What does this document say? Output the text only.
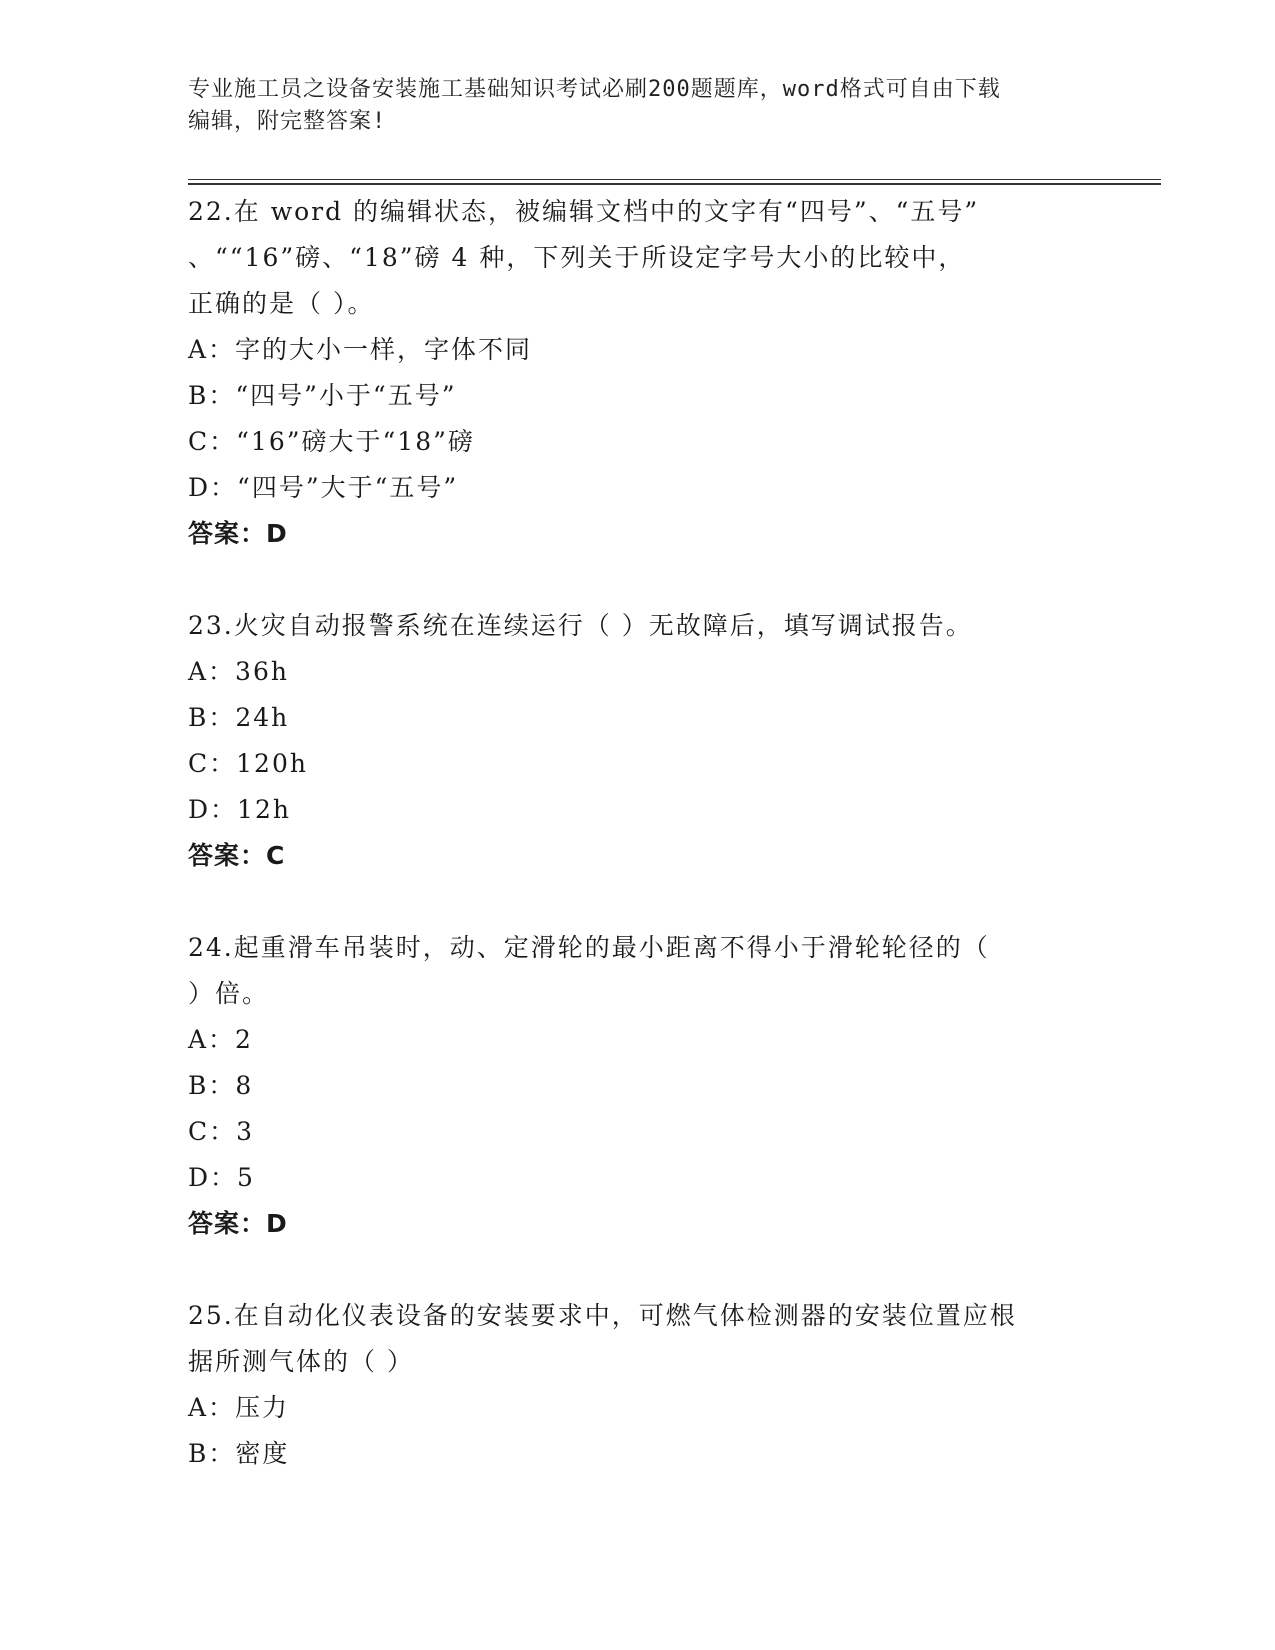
专业施工员之设备安装施工基础知识考试必刷200题题库，word格式可自由下载
编辑，附完整答案!
22.在 word 的编辑状态，被编辑文档中的文字有“四号”、“五号”
、““16”磅、“18”磅 4 种，下列关于所设定字号大小的比较中，
正确的是（ ）。
A：字的大小一样，字体不同
B：“四号”小于“五号”
C：“16”磅大于“18”磅
D：“四号”大于“五号”
答案：D
23.火灾自动报警系统在连续运行（ ）无故障后，填写调试报告。
A：36h
B：24h
C：120h
D：12h
答案：C
24.起重滑车吊装时，动、定滑轮的最小距离不得小于滑轮轮径的（
）倍。
A：2
B：8
C：3
D：5
答案：D
25.在自动化仪表设备的安装要求中，可燃气体检测器的安装位置应根
据所测气体的（ ）
A：压力
B：密度
